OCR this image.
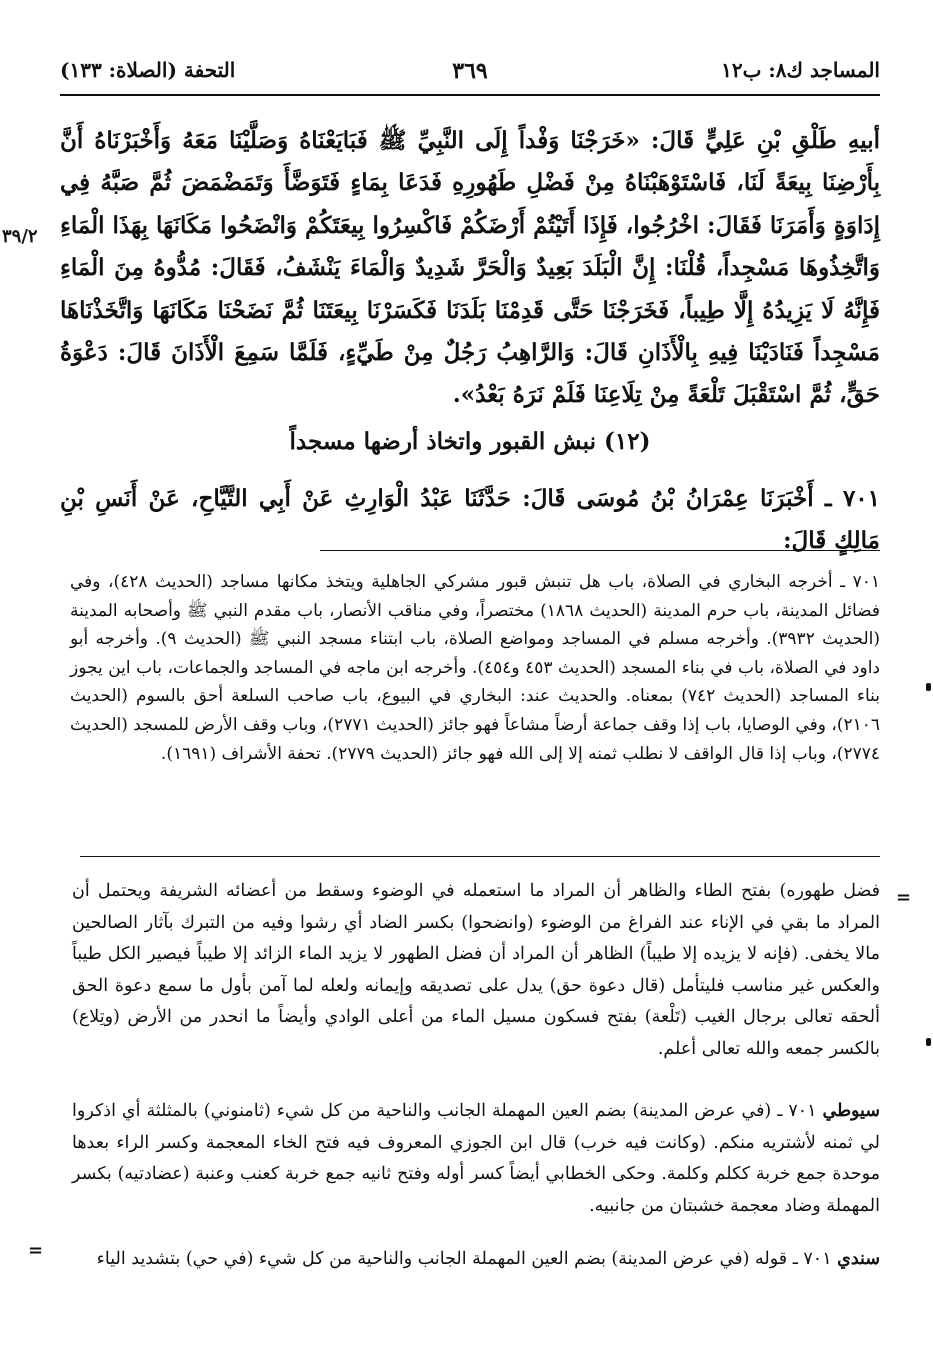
المساجد ك٨: ب١٢
٣٦٩
التحفة (الصلاة: ١٣٣)

أبيهِ طَلْقِ بْنِ عَلِيٍّ قَالَ: «خَرَجْنَا وَفْداً إِلَى النَّبِيِّ ﷺ فَبَايَعْنَاهُ وَصَلَّيْنَا مَعَهُ وَأَخْبَرْنَاهُ أَنَّ بِأَرْضِنَا بِيعَةً لَنَا، فَاسْتَوْهَبْنَاهُ مِنْ فَضْلِ طَهُورِهِ فَدَعَا بِمَاءٍ فَتَوَضَّأَ وَتَمَضْمَضَ ثُمَّ صَبَّهُ فِي إِدَاوَةٍ وَأَمَرَنَا فَقَالَ: اخْرُجُوا، فَإِذَا أَتَيْتُمْ أَرْضَكُمْ فَاكْسِرُوا بِيعَتَكُمْ وَانْضَحُوا مَكَانَهَا بِهَذَا الْمَاءِ وَاتَّخِذُوهَا مَسْجِداً، قُلْنَا: إِنَّ الْبَلَدَ بَعِيدٌ وَالْحَرَّ شَدِيدٌ وَالْمَاءَ يَنْشَفُ، فَقَالَ: مُدُّوهُ مِنَ الْمَاءِ فَإِنَّهُ لَا يَزِيدُهُ إِلَّا طِيباً، فَخَرَجْنَا حَتَّى قَدِمْنَا بَلَدَنَا فَكَسَرْنَا بِيعَتَنَا ثُمَّ نَضَحْنَا مَكَانَهَا وَاتَّخَذْنَاهَا مَسْجِداً فَنَادَيْنَا فِيهِ بِالْأَذَانِ قَالَ: وَالرَّاهِبُ رَجُلٌ مِنْ طَيِّءٍ، فَلَمَّا سَمِعَ الْأَذَانَ قَالَ: دَعْوَةُ حَقٍّ، ثُمَّ اسْتَقْبَلَ تَلْعَةً مِنْ تِلَاعِنَا فَلَمْ نَرَهُ بَعْدُ».

٣٩/٢
(١٢) نبش القبور واتخاذ أرضها مسجداً
٧٠١ ـ أَخْبَرَنَا عِمْرَانُ بْنُ مُوسَى قَالَ: حَدَّثَنَا عَبْدُ الْوَارِثِ عَنْ أَبِي التَّيَّاحِ، عَنْ أَنَسِ بْنِ مَالِكٍ قَالَ:

٧٠١ ـ أخرجه البخاري في الصلاة، باب هل تنبش قبور مشركي الجاهلية ويتخذ مكانها مساجد (الحديث ٤٢٨)، وفي فضائل المدينة، باب حرم المدينة (الحديث ١٨٦٨) مختصراً، وفي مناقب الأنصار، باب مقدم النبي ﷺ وأصحابه المدينة (الحديث ٣٩٣٢). وأخرجه مسلم في المساجد ومواضع الصلاة، باب ابتناء مسجد النبي ﷺ (الحديث ٩). وأخرجه أبو داود في الصلاة، باب في بناء المسجد (الحديث ٤٥٣ و٤٥٤). وأخرجه ابن ماجه في المساجد والجماعات، باب اين يجوز بناء المساجد (الحديث ٧٤٢) بمعناه. والحديث عند: البخاري في البيوع، باب صاحب السلعة أحق بالسوم (الحديث ٢١٠٦)، وفي الوصايا، باب إذا وقف جماعة أرضاً مشاعاً فهو جائز (الحديث ٢٧٧١)، وباب وقف الأرض للمسجد (الحديث ٢٧٧٤)، وباب إذا قال الواقف لا نطلب ثمنه إلا إلى الله فهو جائز (الحديث ٢٧٧٩). تحفة الأشراف (١٦٩١).

=

فضل طهوره) بفتح الطاء والظاهر أن المراد ما استعمله في الوضوء وسقط من أعضائه الشريفة ويحتمل أن المراد ما بقي في الإناء عند الفراغ من الوضوء (وانضحوا) بكسر الضاد أي رشوا وفيه من التبرك بآثار الصالحين مالا يخفى. (فإنه لا يزيده إلا طيباً) الظاهر أن المراد أن فضل الطهور لا يزيد الماء الزائد إلا طيباً فيصير الكل طيباً والعكس غير مناسب فليتأمل (قال دعوة حق) يدل على تصديقه وإيمانه ولعله لما آمن بأول ما سمع دعوة الحق ألحقه تعالى برجال الغيب (تَلْعة) بفتح فسكون مسيل الماء من أعلى الوادي وأيضاً ما انحدر من الأرض (وتِلاع) بالكسر جمعه والله تعالى أعلم.

سيوطي ٧٠١ ـ (في عرض المدينة) بضم العين المهملة الجانب والناحية من كل شيء (ثامنوني) بالمثلثة أي اذكروا لي ثمنه لأشتريه منكم. (وكانت فيه خرب) قال ابن الجوزي المعروف فيه فتح الخاء المعجمة وكسر الراء بعدها موحدة جمع خربة ككلم وكلمة. وحكى الخطابي أيضاً كسر أوله وفتح ثانيه جمع خربة كعنب وعنبة (عضادتيه) بكسر المهملة وضاد معجمة خشبتان من جانبيه.

سندي ٧٠١ ـ قوله (في عرض المدينة) بضم العين المهملة الجانب والناحية من كل شيء (في حي) بتشديد الياء

=
